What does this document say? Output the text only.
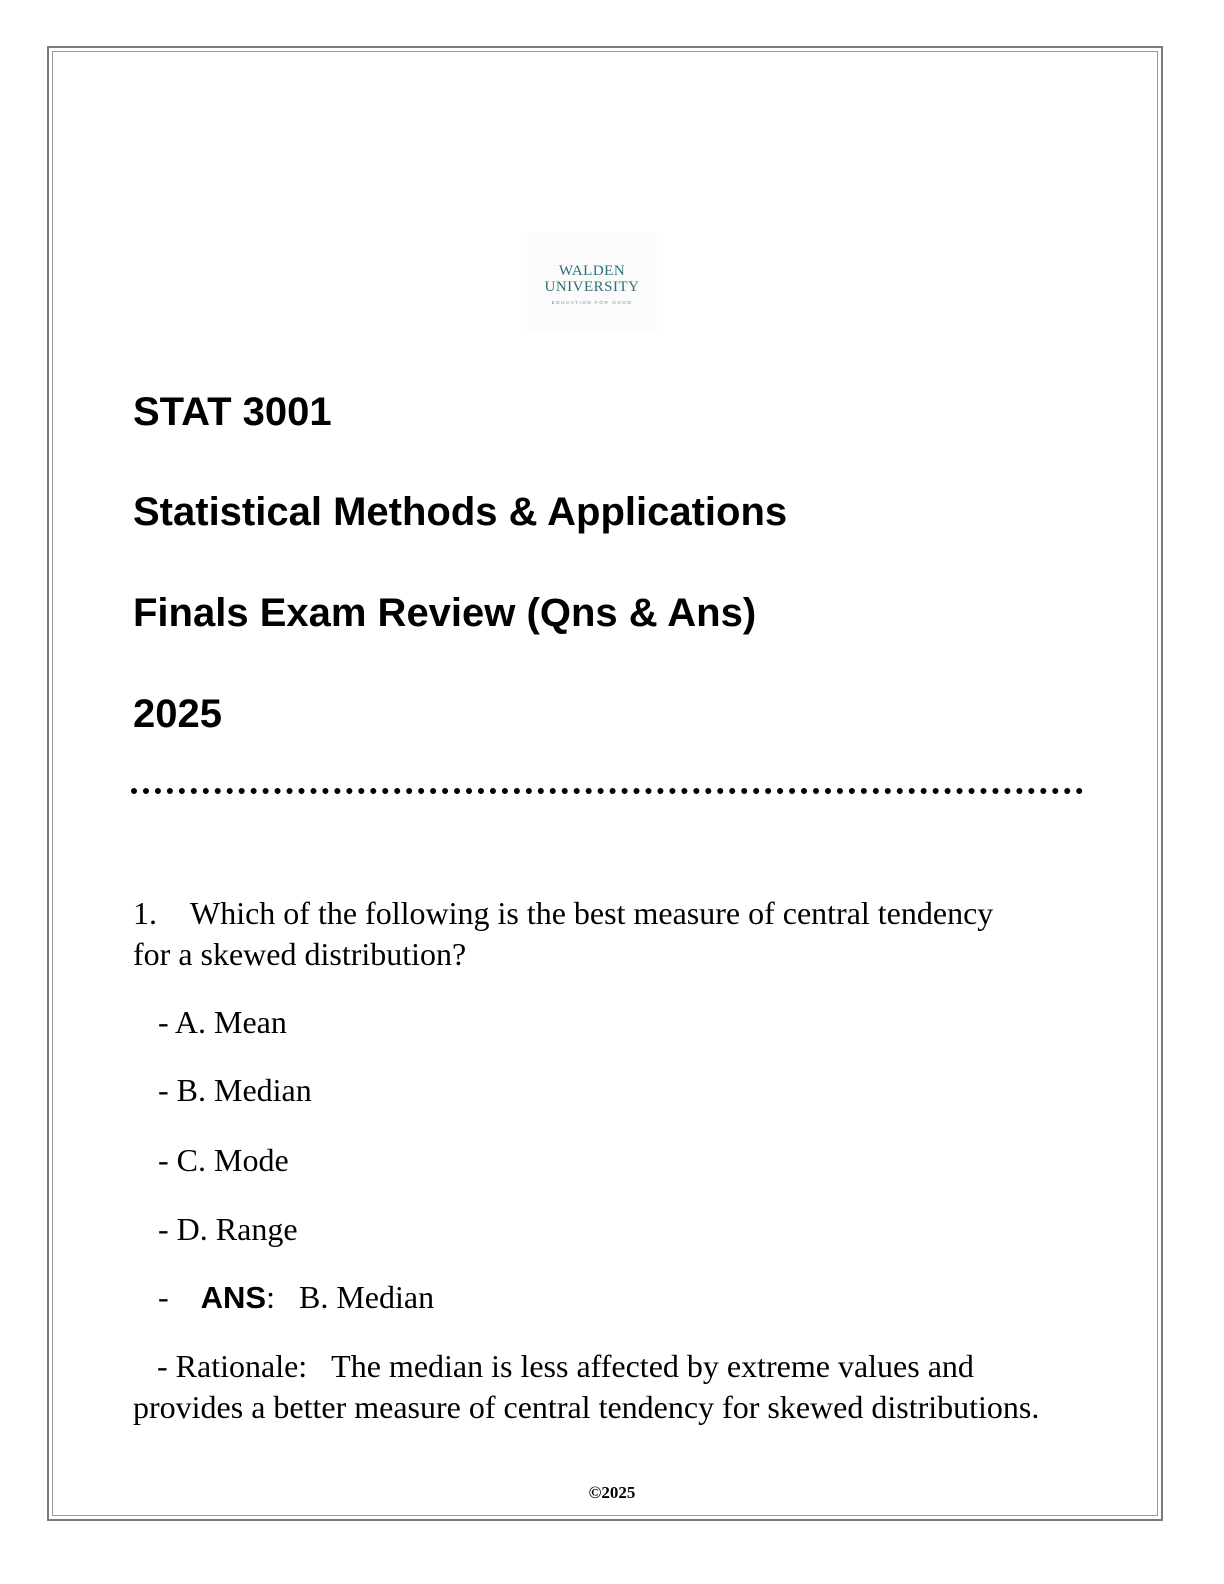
WALDEN
UNIVERSITY
EDUCATION FOR GOOD
STAT 3001
Statistical Methods & Applications
Finals Exam Review (Qns & Ans)
2025

1. Which of the following is the best measure of central tendency for a skewed distribution?

- A. Mean

- B. Median

- C. Mode

- D. Range

- ANS: B. Median

- Rationale: The median is less affected by extreme values and provides a better measure of central tendency for skewed distributions.

©2025
